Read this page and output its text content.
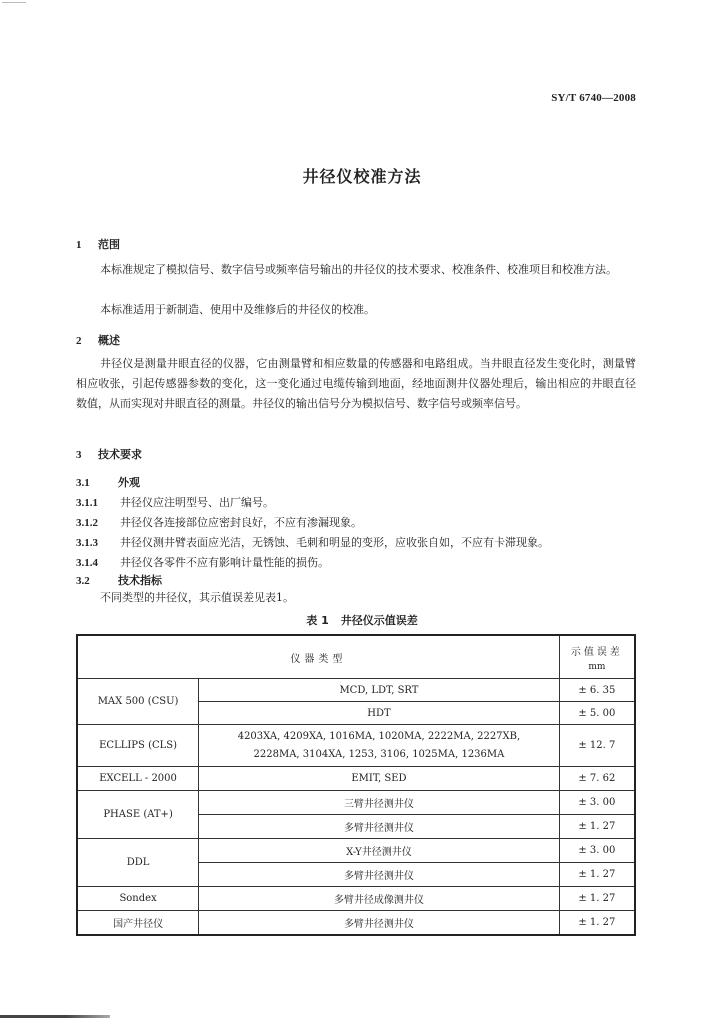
SY/T 6740—2008
井径仪校准方法
1 范围
本标准规定了模拟信号、数字信号或频率信号输出的井径仪的技术要求、校准条件、校准项目和校准方法。
本标准适用于新制造、使用中及维修后的井径仪的校准。
2 概述
井径仪是测量井眼直径的仪器，它由测量臂和相应数量的传感器和电路组成。当井眼直径发生变化时，测量臂相应收张，引起传感器参数的变化，这一变化通过电缆传输到地面，经地面测井仪器处理后，输出相应的井眼直径数值，从而实现对井眼直径的测量。井径仪的输出信号分为模拟信号、数字信号或频率信号。
3 技术要求
3.1	外观
3.1.1 井径仪应注明型号、出厂编号。
3.1.2 井径仪各连接部位应密封良好，不应有渗漏现象。
3.1.3 井径仪测井臂表面应光洁，无锈蚀、毛刺和明显的变形，应收张自如，不应有卡滞现象。
3.1.4 井径仪各零件不应有影响计量性能的损伤。
3.2	技术指标
不同类型的井径仪，其示值误差见表1。
表 1 井径仪示值误差
仪器类型		示值误差
mm

MAX 500 (CSU)	MCD, LDT, SRT	± 6. 35
	HDT	± 5. 00
ECLLIPS (CLS)	4203XA, 4209XA, 1016MA, 1020MA, 2222MA, 2227XB,
2228MA, 3104XA, 1253, 3106, 1025MA, 1236MA	± 12. 7
EXCELL - 2000	EMIT, SED	± 7. 62
PHASE (AT+)	三臂井径测井仪	± 3. 00
	多臂井径测井仪	± 1. 27
DDL	X-Y井径测井仪	± 3. 00
	多臂井径测井仪	± 1. 27
Sondex	多臂井径成像测井仪	± 1. 27
国产井径仪	多臂井径测井仪	± 1. 27
